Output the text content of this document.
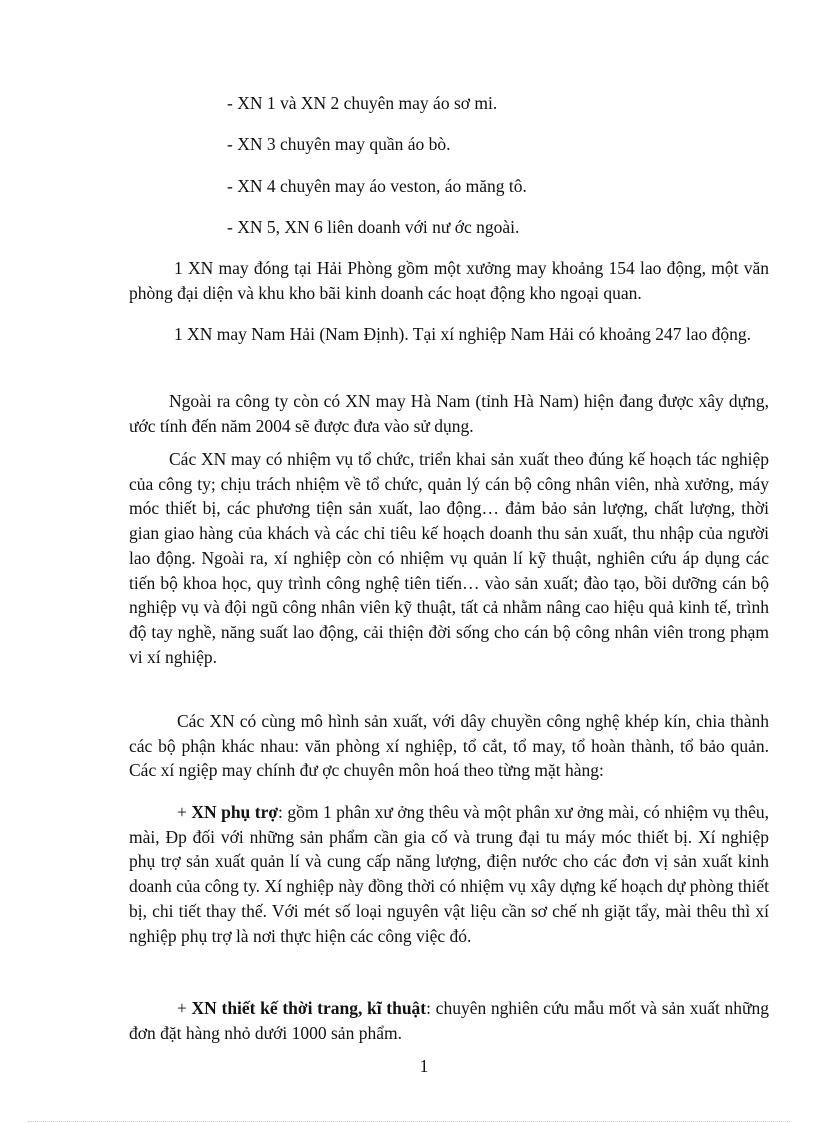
- XN 1 và XN 2 chuyên may áo sơ mi.
- XN 3 chuyên may quần áo bò.
- XN 4 chuyên may áo veston, áo măng tô.
- XN 5, XN 6 liên doanh với nư ớc ngoài.

1 XN may đóng tại Hải Phòng gồm một xưởng may khoảng 154 lao động, một văn phòng đại diện và khu kho bãi kinh doanh các hoạt động kho ngoại quan.

1 XN may Nam Hải (Nam Định). Tại xí nghiệp Nam Hải có khoảng 247 lao động.

Ngoài ra công ty còn có XN may Hà Nam (tỉnh Hà Nam) hiện đang được xây dựng, ước tính đến năm 2004 sẽ được đưa vào sử dụng.

Các XN may có nhiệm vụ tổ chức, triển khai sản xuất theo đúng kế hoạch tác nghiệp của công ty; chịu trách nhiệm về tổ chức, quản lý cán bộ công nhân viên, nhà xưởng, máy móc thiết bị, các phương tiện sản xuất, lao động… đảm bảo sản lượng, chất lượng, thời gian giao hàng của khách và các chỉ tiêu kế hoạch doanh thu sản xuất, thu nhập của người lao động. Ngoài ra, xí nghiệp còn có nhiệm vụ quản lí kỹ thuật, nghiên cứu áp dụng các tiến bộ khoa học, quy trình công nghệ tiên tiến… vào sản xuất; đào tạo, bồi dưỡng cán bộ nghiệp vụ và đội ngũ công nhân viên kỹ thuật, tất cả nhằm nâng cao hiệu quả kinh tế, trình độ tay nghề, năng suất lao động, cải thiện đời sống cho cán bộ công nhân viên trong phạm vi xí nghiệp.

Các XN có cùng mô hình sản xuất, với dây chuyền công nghệ khép kín, chia thành các bộ phận khác nhau: văn phòng xí nghiệp, tổ cắt, tổ may, tổ hoàn thành, tổ bảo quản. Các xí ngiệp may chính đư ợc chuyên môn hoá theo từng mặt hàng:

+ XN phụ trợ: gồm 1 phân xư ởng thêu và một phân xư ởng mài, có nhiệm vụ thêu, mài, Ðp đối với những sản phẩm cần gia cố và trung đại tu máy móc thiết bị. Xí nghiệp phụ trợ sản xuất quản lí và cung cấp năng lượng, điện nước cho các đơn vị sản xuất kinh doanh của công ty. Xí nghiệp này đồng thời có nhiệm vụ xây dựng kế hoạch dự phòng thiết bị, chi tiết thay thế. Với mét số loại nguyên vật liệu cần sơ chế nh giặt tẩy, mài thêu thì xí nghiệp phụ trợ là nơi thực hiện các công việc đó.

+ XN thiết kế thời trang, kĩ thuật: chuyên nghiên cứu mẫu mốt và sản xuất những đơn đặt hàng nhỏ dưới 1000 sản phẩm.

1
